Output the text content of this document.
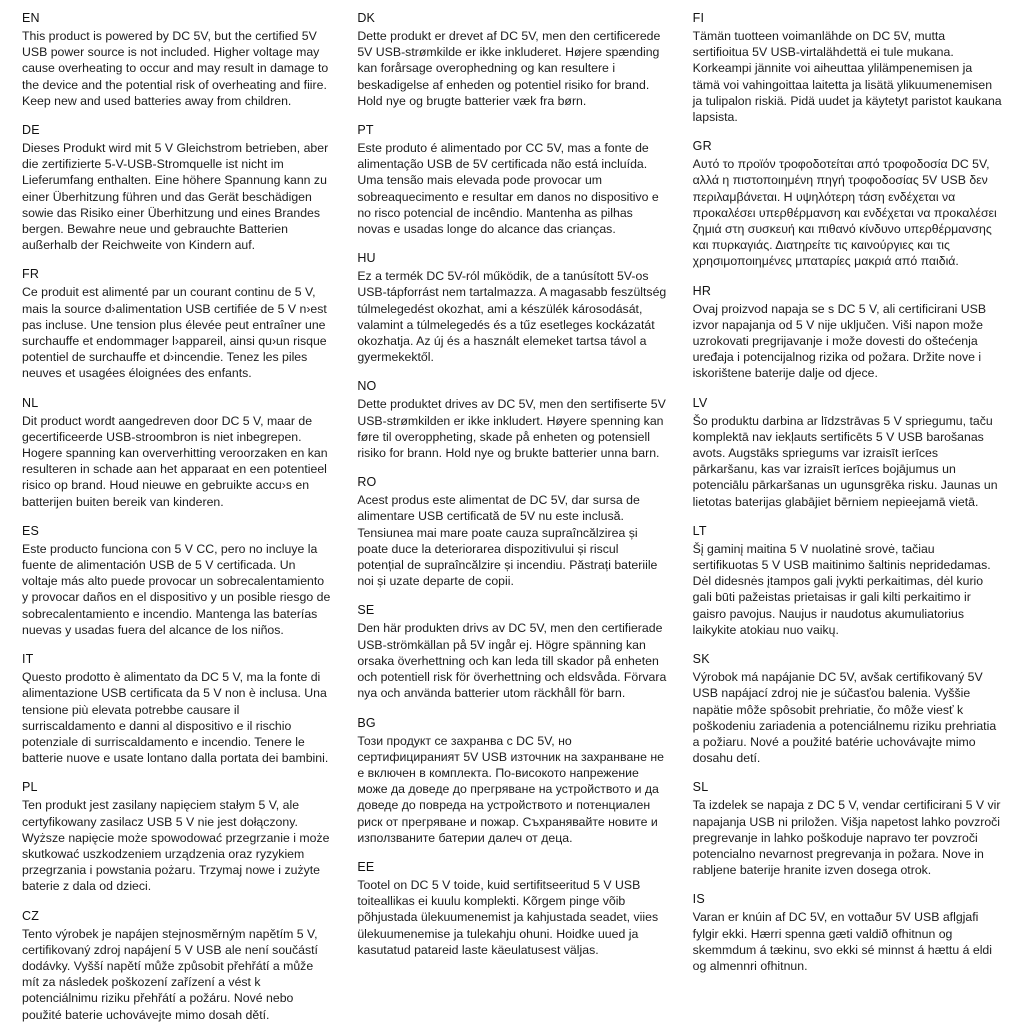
EN

This product is powered by DC 5V, but the certified 5V USB power source is not included. Higher voltage may cause overheating to occur and may result in damage to the device and the potential risk of overheating and fiire. Keep new and used batteries away from children.

DE

Dieses Produkt wird mit 5 V Gleichstrom betrieben, aber die zertifizierte 5-V-USB-Stromquelle ist nicht im Lieferumfang enthalten. Eine höhere Spannung kann zu einer Überhitzung führen und das Gerät beschädigen sowie das Risiko einer Überhitzung und eines Brandes bergen. Bewahre neue und gebrauchte Batterien außerhalb der Reichweite von Kindern auf.

FR

Ce produit est alimenté par un courant continu de 5 V, mais la source d›alimentation USB certifiée de 5 V n›est pas incluse. Une tension plus élevée peut entraîner une surchauffe et endommager l›appareil, ainsi qu›un risque potentiel de surchauffe et d›incendie. Tenez les piles neuves et usagées éloignées des enfants.

NL

Dit product wordt aangedreven door DC 5 V, maar de gecertificeerde USB-stroombron is niet inbegrepen. Hogere spanning kan oververhitting veroorzaken en kan resulteren in schade aan het apparaat en een potentieel risico op brand. Houd nieuwe en gebruikte accu›s en batterijen buiten bereik van kinderen.

ES

Este producto funciona con 5 V CC, pero no incluye la fuente de alimentación USB de 5 V certificada. Un voltaje más alto puede provocar un sobrecalentamiento y provocar daños en el dispositivo y un posible riesgo de sobrecalentamiento e incendio. Mantenga las baterías nuevas y usadas fuera del alcance de los niños.

IT

Questo prodotto è alimentato da DC 5 V, ma la fonte di alimentazione USB certificata da 5 V non è inclusa. Una tensione più elevata potrebbe causare il surriscaldamento e danni al dispositivo e il rischio potenziale di surriscaldamento e incendio. Tenere le batterie nuove e usate lontano dalla portata dei bambini.

PL

Ten produkt jest zasilany napięciem stałym 5 V, ale certyfikowany zasilacz USB 5 V nie jest dołączony. Wyższe napięcie może spowodować przegrzanie i może skutkować uszkodzeniem urządzenia oraz ryzykiem przegrzania i powstania pożaru. Trzymaj nowe i zużyte baterie z dala od dzieci.

CZ

Tento výrobek je napájen stejnosměrným napětím 5 V, certifikovaný zdroj napájení 5 V USB ale není součástí dodávky. Vyšší napětí může způsobit přehřátí a může mít za následek poškození zařízení a vést k potenciálnimu riziku přehřátí a požáru. Nové nebo použité baterie uchovávejte mimo dosah dětí.

DK

Dette produkt er drevet af DC 5V, men den certificerede 5V USB-strømkilde er ikke inkluderet. Højere spænding kan forårsage overophedning og kan resultere i beskadigelse af enheden og potentiel risiko for brand. Hold nye og brugte batterier væk fra børn.

PT

Este produto é alimentado por CC 5V, mas a fonte de alimentação USB de 5V certificada não está incluída. Uma tensão mais elevada pode provocar um sobreaquecimento e resultar em danos no dispositivo e no risco potencial de incêndio. Mantenha as pilhas novas e usadas longe do alcance das crianças.

HU

Ez a termék DC 5V-ról működik, de a tanúsított 5V-os USB-tápforrást nem tartalmazza. A magasabb feszültség túlmelegedést okozhat, ami a készülék károsodását, valamint a túlmelegedés és a tűz esetleges kockázatát okozhatja. Az új és a használt elemeket tartsa távol a gyermekektől.

NO

Dette produktet drives av DC 5V, men den sertifiserte 5V USB-strømkilden er ikke inkludert. Høyere spenning kan føre til overoppheting, skade på enheten og potensiell risiko for brann. Hold nye og brukte batterier unna barn.

RO

Acest produs este alimentat de DC 5V, dar sursa de alimentare USB certificată de 5V nu este inclusă. Tensiunea mai mare poate cauza supraîncălzirea și poate duce la deteriorarea dispozitivului și riscul potențial de supraîncălzire și incendiu. Păstrați bateriile noi și uzate departe de copii.

SE

Den här produkten drivs av DC 5V, men den certifierade USB-strömkällan på 5V ingår ej. Högre spänning kan orsaka överhettning och kan leda till skador på enheten och potentiell risk för överhettning och eldsvåda. Förvara nya och använda batterier utom räckhåll för barn.

BG

Този продукт се захранва с DC 5V, но сертифицираният 5V USB източник на захранване не е включен в комплекта. По-високото напрежение може да доведе до прегряване на устройството и да доведе до повреда на устройството и потенциален риск от прегряване и пожар. Съхранявайте новите и използваните батерии далеч от деца.

EE

Tootel on DC 5 V toide, kuid sertifitseeritud 5 V USB toiteallikas ei kuulu komplekti. Kõrgem pinge võib põhjustada ülekuumenemist ja kahjustada seadet, viies ülekuumenemise ja tulekahju ohuni. Hoidke uued ja kasutatud patareid laste käeulatusest väljas.

FI

Tämän tuotteen voimanlähde on DC 5V, mutta sertifioitua 5V USB-virtalähdettä ei tule mukana. Korkeampi jännite voi aiheuttaa ylilämpenemisen ja tämä voi vahingoittaa laitetta ja lisätä ylikuumenemisen ja tulipalon riskiä. Pidä uudet ja käytetyt paristot kaukana lapsista.

GR

Αυτό το προϊόν τροφοδοτείται από τροφοδοσία DC 5V, αλλά η πιστοποιημένη πηγή τροφοδοσίας 5V USB δεν περιλαμβάνεται. Η υψηλότερη τάση ενδέχεται να προκαλέσει υπερθέρμανση και ενδέχεται να προκαλέσει ζημιά στη συσκευή και πιθανό κίνδυνο υπερθέρμανσης και πυρκαγιάς. Διατηρείτε τις καινούργιες και τις χρησιμοποιημένες μπαταρίες μακριά από παιδιά.

HR

Ovaj proizvod napaja se s DC 5 V, ali certificirani USB izvor napajanja od 5 V nije uključen. Viši napon može uzrokovati pregrijavanje i može dovesti do oštećenja uređaja i potencijalnog rizika od požara. Držite nove i iskorištene baterije dalje od djece.

LV

Šo produktu darbina ar līdzstrāvas 5 V spriegumu, taču komplektā nav iekļauts sertificēts 5 V USB barošanas avots. Augstāks spriegums var izraisīt ierīces pārkaršanu, kas var izraisīt ierīces bojājumus un potenciālu pārkaršanas un ugunsgrēka risku. Jaunas un lietotas baterijas glabājiet bērniem nepieejamā vietā.

LT

Šį gaminį maitina 5 V nuolatinė srovė, tačiau sertifikuotas 5 V USB maitinimo šaltinis nepridedamas. Dėl didesnės įtampos gali įvykti perkaitimas, dėl kurio gali būti pažeistas prietaisas ir gali kilti perkaitimo ir gaisro pavojus. Naujus ir naudotus akumuliatorius laikykite atokiau nuo vaikų.

SK

Výrobok má napájanie DC 5V, avšak certifikovaný 5V USB napájací zdroj nie je súčasťou balenia. Vyššie napätie môže spôsobit prehriatie, čo môže viesť k poškodeniu zariadenia a potenciálnemu riziku prehriatia a požiaru. Nové a použité batérie uchovávajte mimo dosahu detí.

SL

Ta izdelek se napaja z DC 5 V, vendar certificirani 5 V vir napajanja USB ni priložen. Višja napetost lahko povzroči pregrevanje in lahko poškoduje napravo ter povzroči potencialno nevarnost pregrevanja in požara. Nove in rabljene baterije hranite izven dosega otrok.

IS

Varan er knúin af DC 5V, en vottaður 5V USB aflgjafi fylgir ekki. Hærri spenna gæti valdið ofhitnun og skemmdum á tækinu, svo ekki sé minnst á hættu á eldi og almennri ofhitnun.
